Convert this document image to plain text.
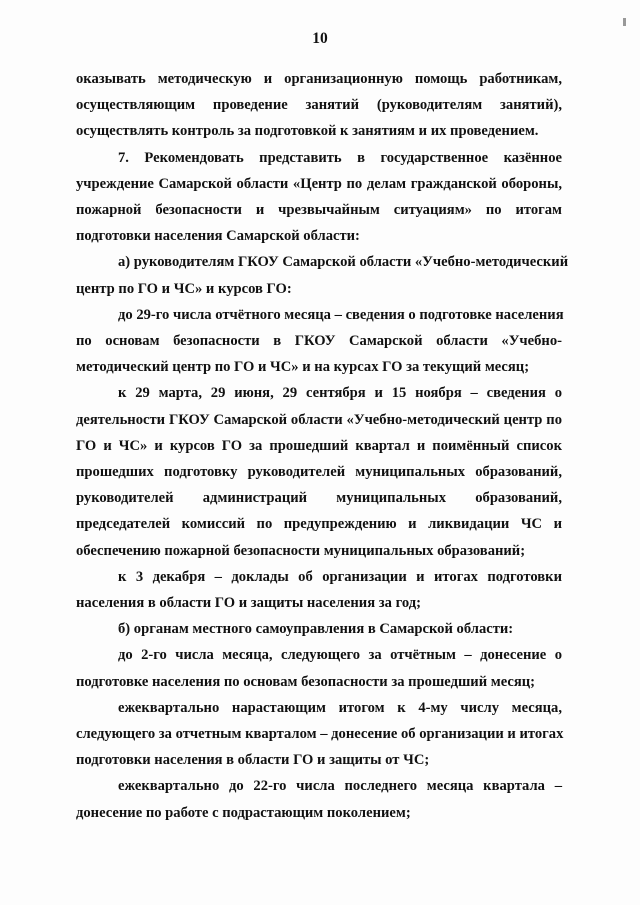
10

оказывать методическую и организационную помощь работникам,
осуществляющим проведение занятий (руководителям занятий),
осуществлять контроль за подготовкой к занятиям и их проведением.

7. Рекомендовать представить в государственное казённое
учреждение Самарской области «Центр по делам гражданской обороны,
пожарной безопасности и чрезвычайным ситуациям» по итогам
подготовки населения Самарской области:

а) руководителям ГКОУ Самарской области «Учебно-методический
центр по ГО и ЧС» и курсов ГО:

до 29-го числа отчётного месяца – сведения о подготовке населения
по основам безопасности в ГКОУ Самарской области «Учебно-
методический центр по ГО и ЧС» и на курсах ГО за текущий месяц;

к 29 марта, 29 июня, 29 сентября и 15 ноября – сведения о
деятельности ГКОУ Самарской области «Учебно-методический центр по
ГО и ЧС» и курсов ГО за прошедший квартал и поимённый список
прошедших подготовку руководителей муниципальных образований,
руководителей администраций муниципальных образований,
председателей комиссий по предупреждению и ликвидации ЧС и
обеспечению пожарной безопасности муниципальных образований;

к 3 декабря – доклады об организации и итогах подготовки
населения в области ГО и защиты населения за год;

б) органам местного самоуправления в Самарской области:

до 2-го числа месяца, следующего за отчётным – донесение о
подготовке населения по основам безопасности за прошедший месяц;

ежеквартально нарастающим итогом к 4-му числу месяца,
следующего за отчетным кварталом – донесение об организации и итогах
подготовки населения в области ГО и защиты от ЧС;

ежеквартально до 22-го числа последнего месяца квартала –
донесение по работе с подрастающим поколением;
